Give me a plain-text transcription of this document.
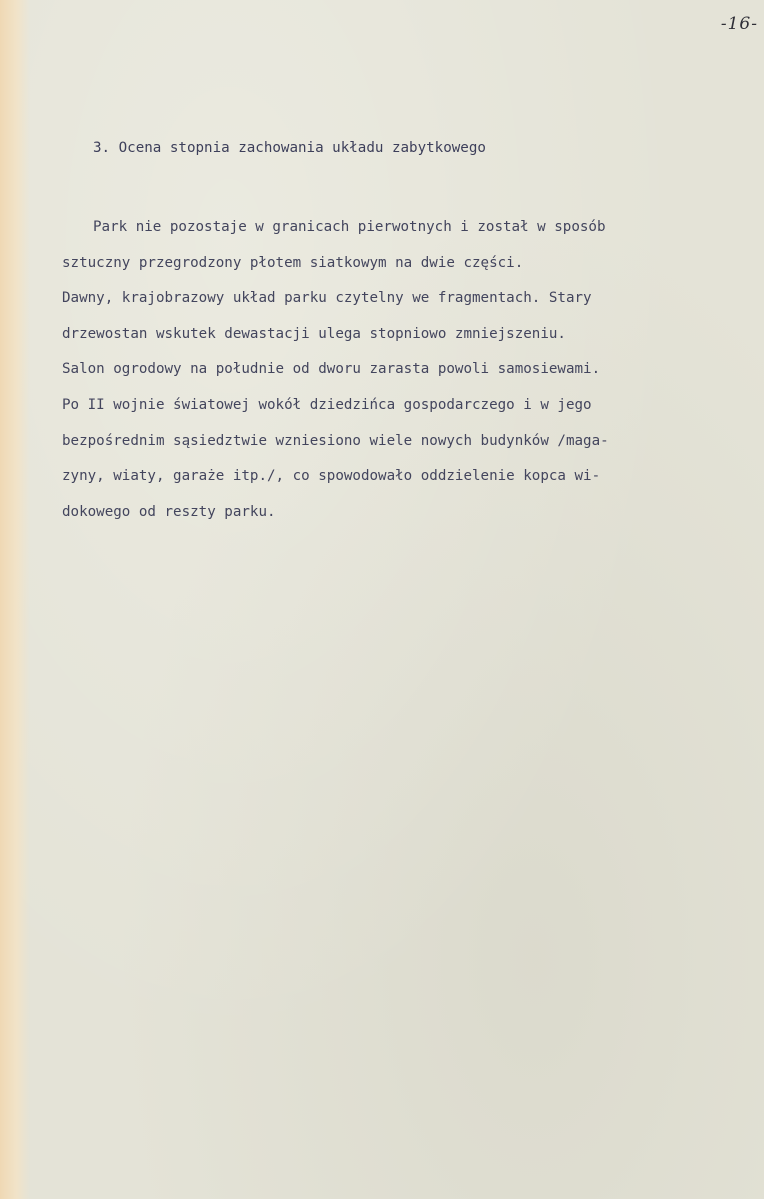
-16-
3. Ocena stopnia zachowania układu zabytkowego
Park nie pozostaje w granicach pierwotnych i został w sposób
sztuczny przegrodzony płotem siatkowym na dwie części.
Dawny, krajobrazowy układ parku czytelny we fragmentach. Stary
drzewostan wskutek dewastacji ulega stopniowo zmniejszeniu.
Salon ogrodowy na południe od dworu zarasta powoli samosiewami.
Po II wojnie światowej wokół dziedzińca gospodarczego i w jego
bezpośrednim sąsiedztwie wzniesiono wiele nowych budynków /maga-
zyny, wiaty, garaże itp./, co spowodowało oddzielenie kopca wi-
dokowego od reszty parku.
